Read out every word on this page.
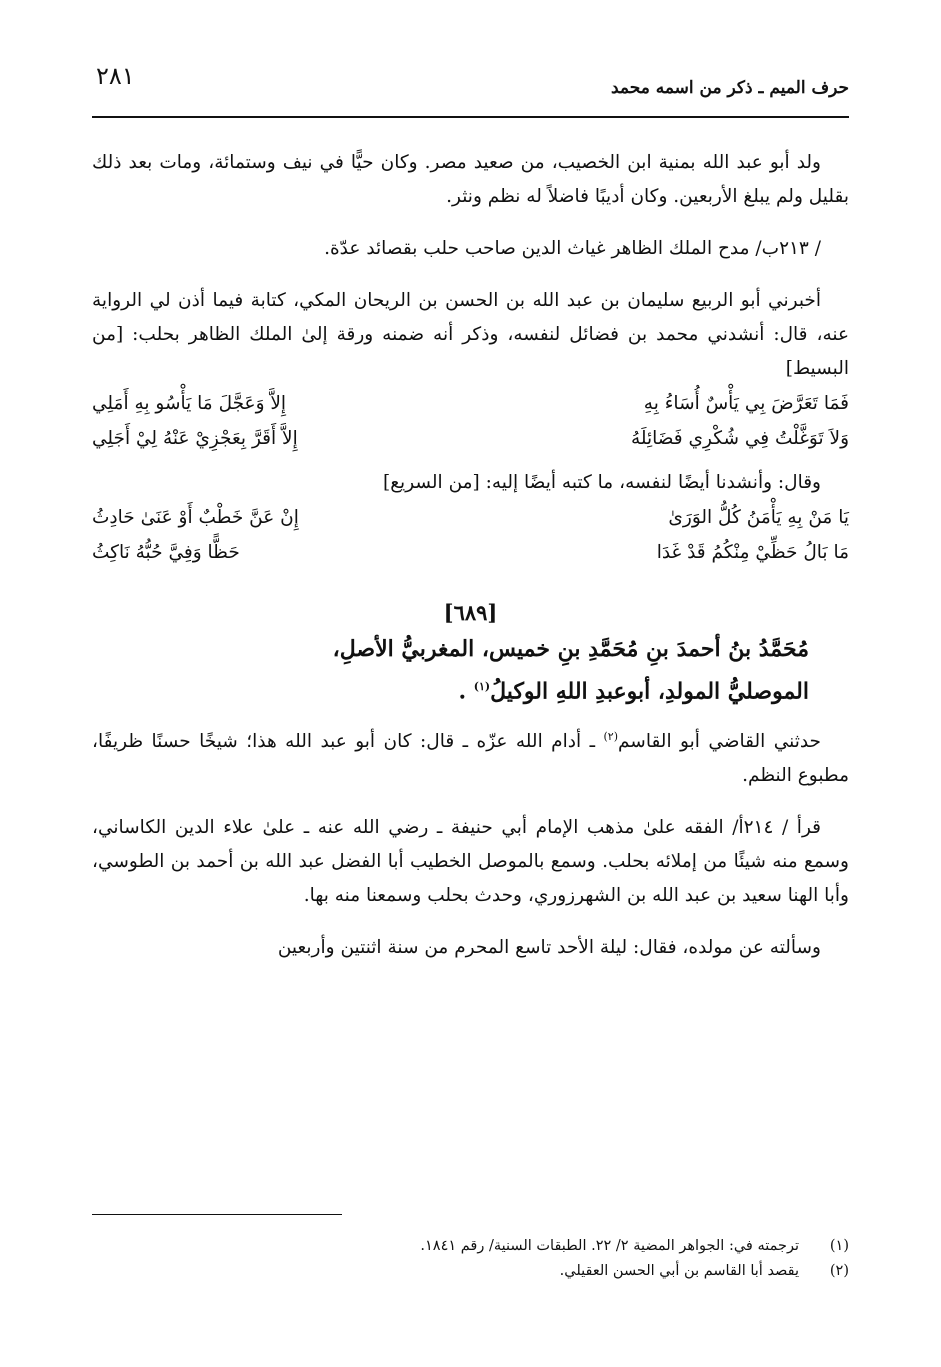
حرف الميم ـ ذكر من اسمه محمد
٢٨١

ولد أبو عبد الله بمنية ابن الخصيب، من صعيد مصر. وكان حيًّا في نيف وستمائة، ومات بعد ذلك بقليل ولم يبلغ الأربعين. وكان أديبًا فاضلاً له نظم ونثر.

/ ٢١٣ب/ مدح الملك الظاهر غياث الدين صاحب حلب بقصائد عدّة.

أخبرني أبو الربيع سليمان بن عبد الله بن الحسن بن الريحان المكي، كتابة فيما أذن لي الرواية عنه، قال: أنشدني محمد بن فضائل لنفسه، وذكر أنه ضمنه ورقة إلىٰ الملك الظاهر بحلب: [من البسيط]

فَمَا تَعَرَّضَ بِي يَأْسٌ أُسَاءُ بِهِ
إِلاَّ وَعَجَّلَ مَا يَأْسُو بِهِ أَمَلِي
وَلاَ تَوَغَّلْتُ فِي شُكْرِي فَضَائِلَهُ
إِلاَّ أَقَرَّ بِعَجْزِيْ عَنْهُ لِيْ أَجَلِي

وقال: وأنشدنا أيضًا لنفسه، ما كتبه أيضًا إليه: [من السريع]

يَا مَنْ بِهِ يَأْمَنُ كُلُّ الوَرَىٰ
إِنْ عَنَّ خَطْبٌ أَوْ عَنَىٰ حَادِثُ
مَا بَالُ حَظِّيْ مِنْكُمُ قَدْ غَدَا
حَظًّا وَفِيَّ حُبُّهُ نَاكِثُ
[٦٨٩]
مُحَمَّدُ بنُ أحمدَ بنِ مُحَمَّدِ بنِ خميس، المغربيُّ الأصلِ،
الموصليُّ المولدِ، أبوعبدِ اللهِ الوكيلُ$^{(١)}$ .

حدثني القاضي أبو القاسم$^{(٢)}$ ـ أدام الله عزّه ـ قال: كان أبو عبد الله هذا؛ شيخًا حسنًا ظريفًا، مطبوع النظم.

قرأ / ٢١٤أ/ الفقه علىٰ مذهب الإمام أبي حنيفة ـ رضي الله عنه ـ علىٰ علاء الدين الكاساني، وسمع منه شيئًا من إملائه بحلب. وسمع بالموصل الخطيب أبا الفضل عبد الله بن أحمد بن الطوسي، وأبا الهنا سعيد بن عبد الله بن الشهرزوري، وحدث بحلب وسمعنا منه بها.

وسألته عن مولده، فقال: ليلة الأحد تاسع المحرم من سنة اثنتين وأربعين

(١)
ترجمته في: الجواهر المضية ٢/ ٢٢. الطبقات السنية/ رقم ١٨٤١.
(٢)
يقصد أبا القاسم بن أبي الحسن العقيلي.
